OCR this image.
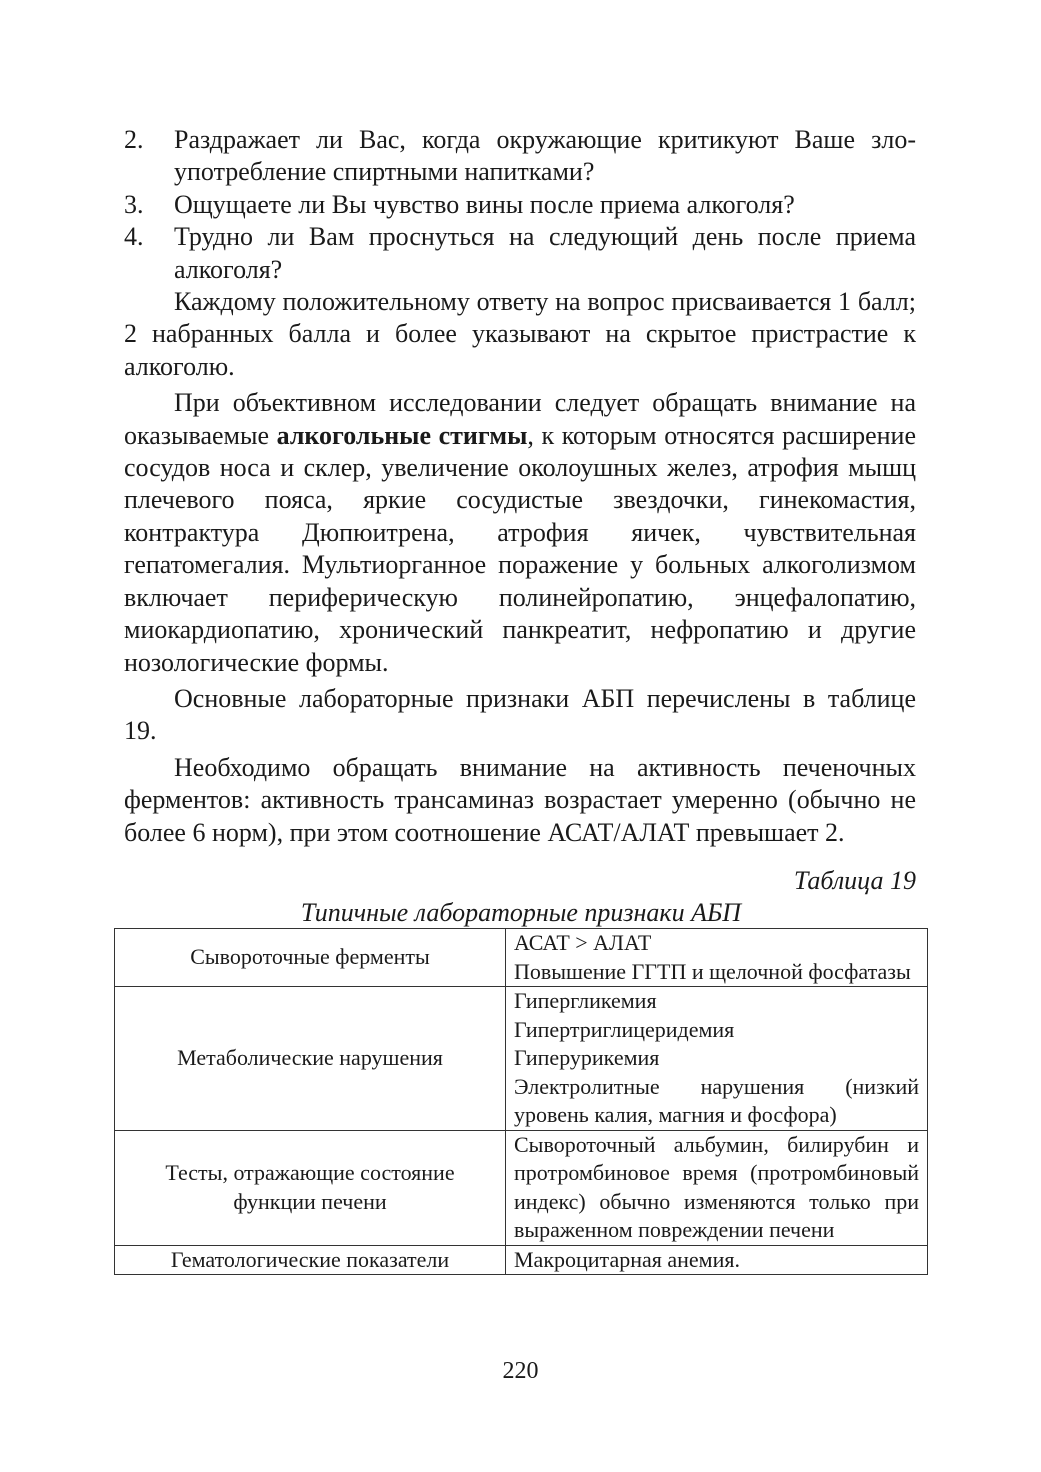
2.	Раздражает ли Вас, когда окружающие критикуют Ваше злоупотребление спиртными напитками?
3.	Ощущаете ли Вы чувство вины после приема алкоголя?
4.	Трудно ли Вам проснуться на следующий день после приема алкоголя?

Каждому положительному ответу на вопрос присваивается 1 балл; 2 набранных балла и более указывают на скрытое пристрастие к алкоголю.

При объективном исследовании следует обращать внимание на оказываемые алкогольные стигмы, к которым относятся расширение сосудов носа и склер, увеличение околоушных желез, атрофия мышц плечевого пояса, яркие сосудистые звездочки, гинекомастия, контрактура Дюпюитрена, атрофия яичек, чувствительная гепатомегалия. Мультиорганное поражение у больных алкоголизмом включает периферическую полинейропатию, энцефалопатию, миокардиопатию, хронический панкреатит, нефропатию и другие нозологические формы.

Основные лабораторные признаки АБП перечислены в таблице 19.

Необходимо обращать внимание на активность печеночных ферментов: активность трансаминаз возрастает умеренно (обычно не более 6 норм), при этом соотношение АСАТ/АЛАТ превышает 2.

Таблица 19
Типичные лабораторные признаки АБП
Сывороточные ферменты	АСАТ > АЛАТ
Повышение ГГТП и щелочной фосфатазы

Метаболические нарушения	Гипергликемия
Гипертриглицеридемия
Гиперурикемия
Электролитные нарушения (низкий уровень калия, магния и фосфора)

Тесты, отражающие состояние функции печени	Сывороточный альбумин, билирубин и протромбиновое время (протромбиновый индекс) обычно изменяются только при выраженном повреждении печени

Гематологические показатели	Макроцитарная анемия.
220
